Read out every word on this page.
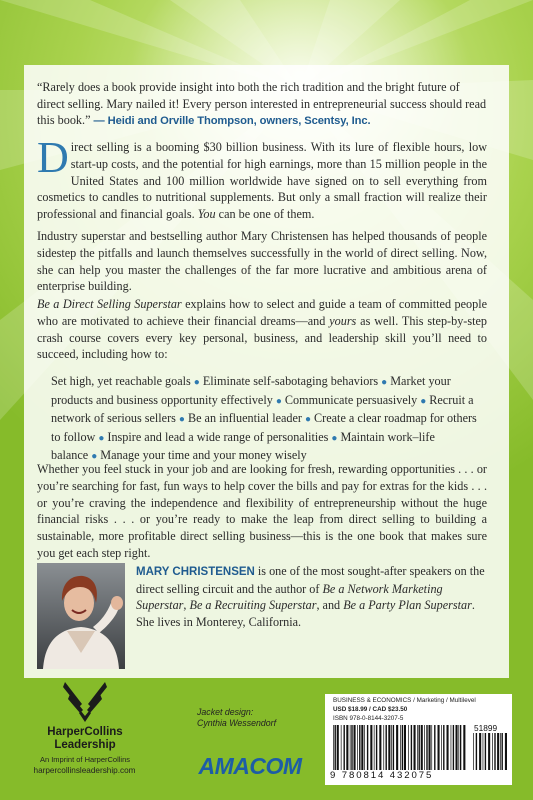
“Rarely does a book provide insight into both the rich tradition and the bright future of direct selling. Mary nailed it! Every person interested in entrepreneurial success should read this book.” — Heidi and Orville Thompson, owners, Scentsy, Inc.

Direct selling is a booming $30 billion business. With its lure of flexible hours, low start-up costs, and the potential for high earnings, more than 15 million people in the United States and 100 million worldwide have signed on to sell everything from cosmetics to candles to nutritional supplements. But only a small fraction will realize their professional and financial goals. You can be one of them.

Industry superstar and bestselling author Mary Christensen has helped thousands of people sidestep the pitfalls and launch themselves successfully in the world of direct selling. Now, she can help you master the challenges of the far more lucrative and ambitious arena of enterprise building.

Be a Direct Selling Superstar explains how to select and guide a team of committed people who are motivated to achieve their financial dreams—and yours as well. This step-by-step crash course covers every key personal, business, and leadership skill you’ll need to succeed, including how to:

Set high, yet reachable goals ● Eliminate self-sabotaging behaviors ● Market your products and business opportunity effectively ● Communicate persuasively ● Recruit a network of serious sellers ● Be an influential leader ● Create a clear roadmap for others to follow ● Inspire and lead a wide range of personalities ● Maintain work–life balance ● Manage your time and your money wisely

Whether you feel stuck in your job and are looking for fresh, rewarding opportunities . . . or you’re searching for fast, fun ways to help cover the bills and pay for extras for the kids . . . or you’re craving the independence and flexibility of entrepreneurship without the huge financial risks . . . or you’re ready to make the leap from direct selling to building a sustainable, more profitable direct selling business—this is the one book that makes sure you get each step right.

MARY CHRISTENSEN is one of the most sought-after speakers on the direct selling circuit and the author of Be a Network Marketing Superstar, Be a Recruiting Superstar, and Be a Party Plan Superstar. She lives in Monterey, California.

HarperCollins
Leadership
An Imprint of HarperCollins
harpercollinsleadership.com
Jacket design:
Cynthia Wessendorf
AMACOM
BUSINESS & ECONOMICS / Marketing / Multilevel
USD $18.99 / CAD $23.50
ISBN 978-0-8144-3207-5
51899
9 780814 432075
